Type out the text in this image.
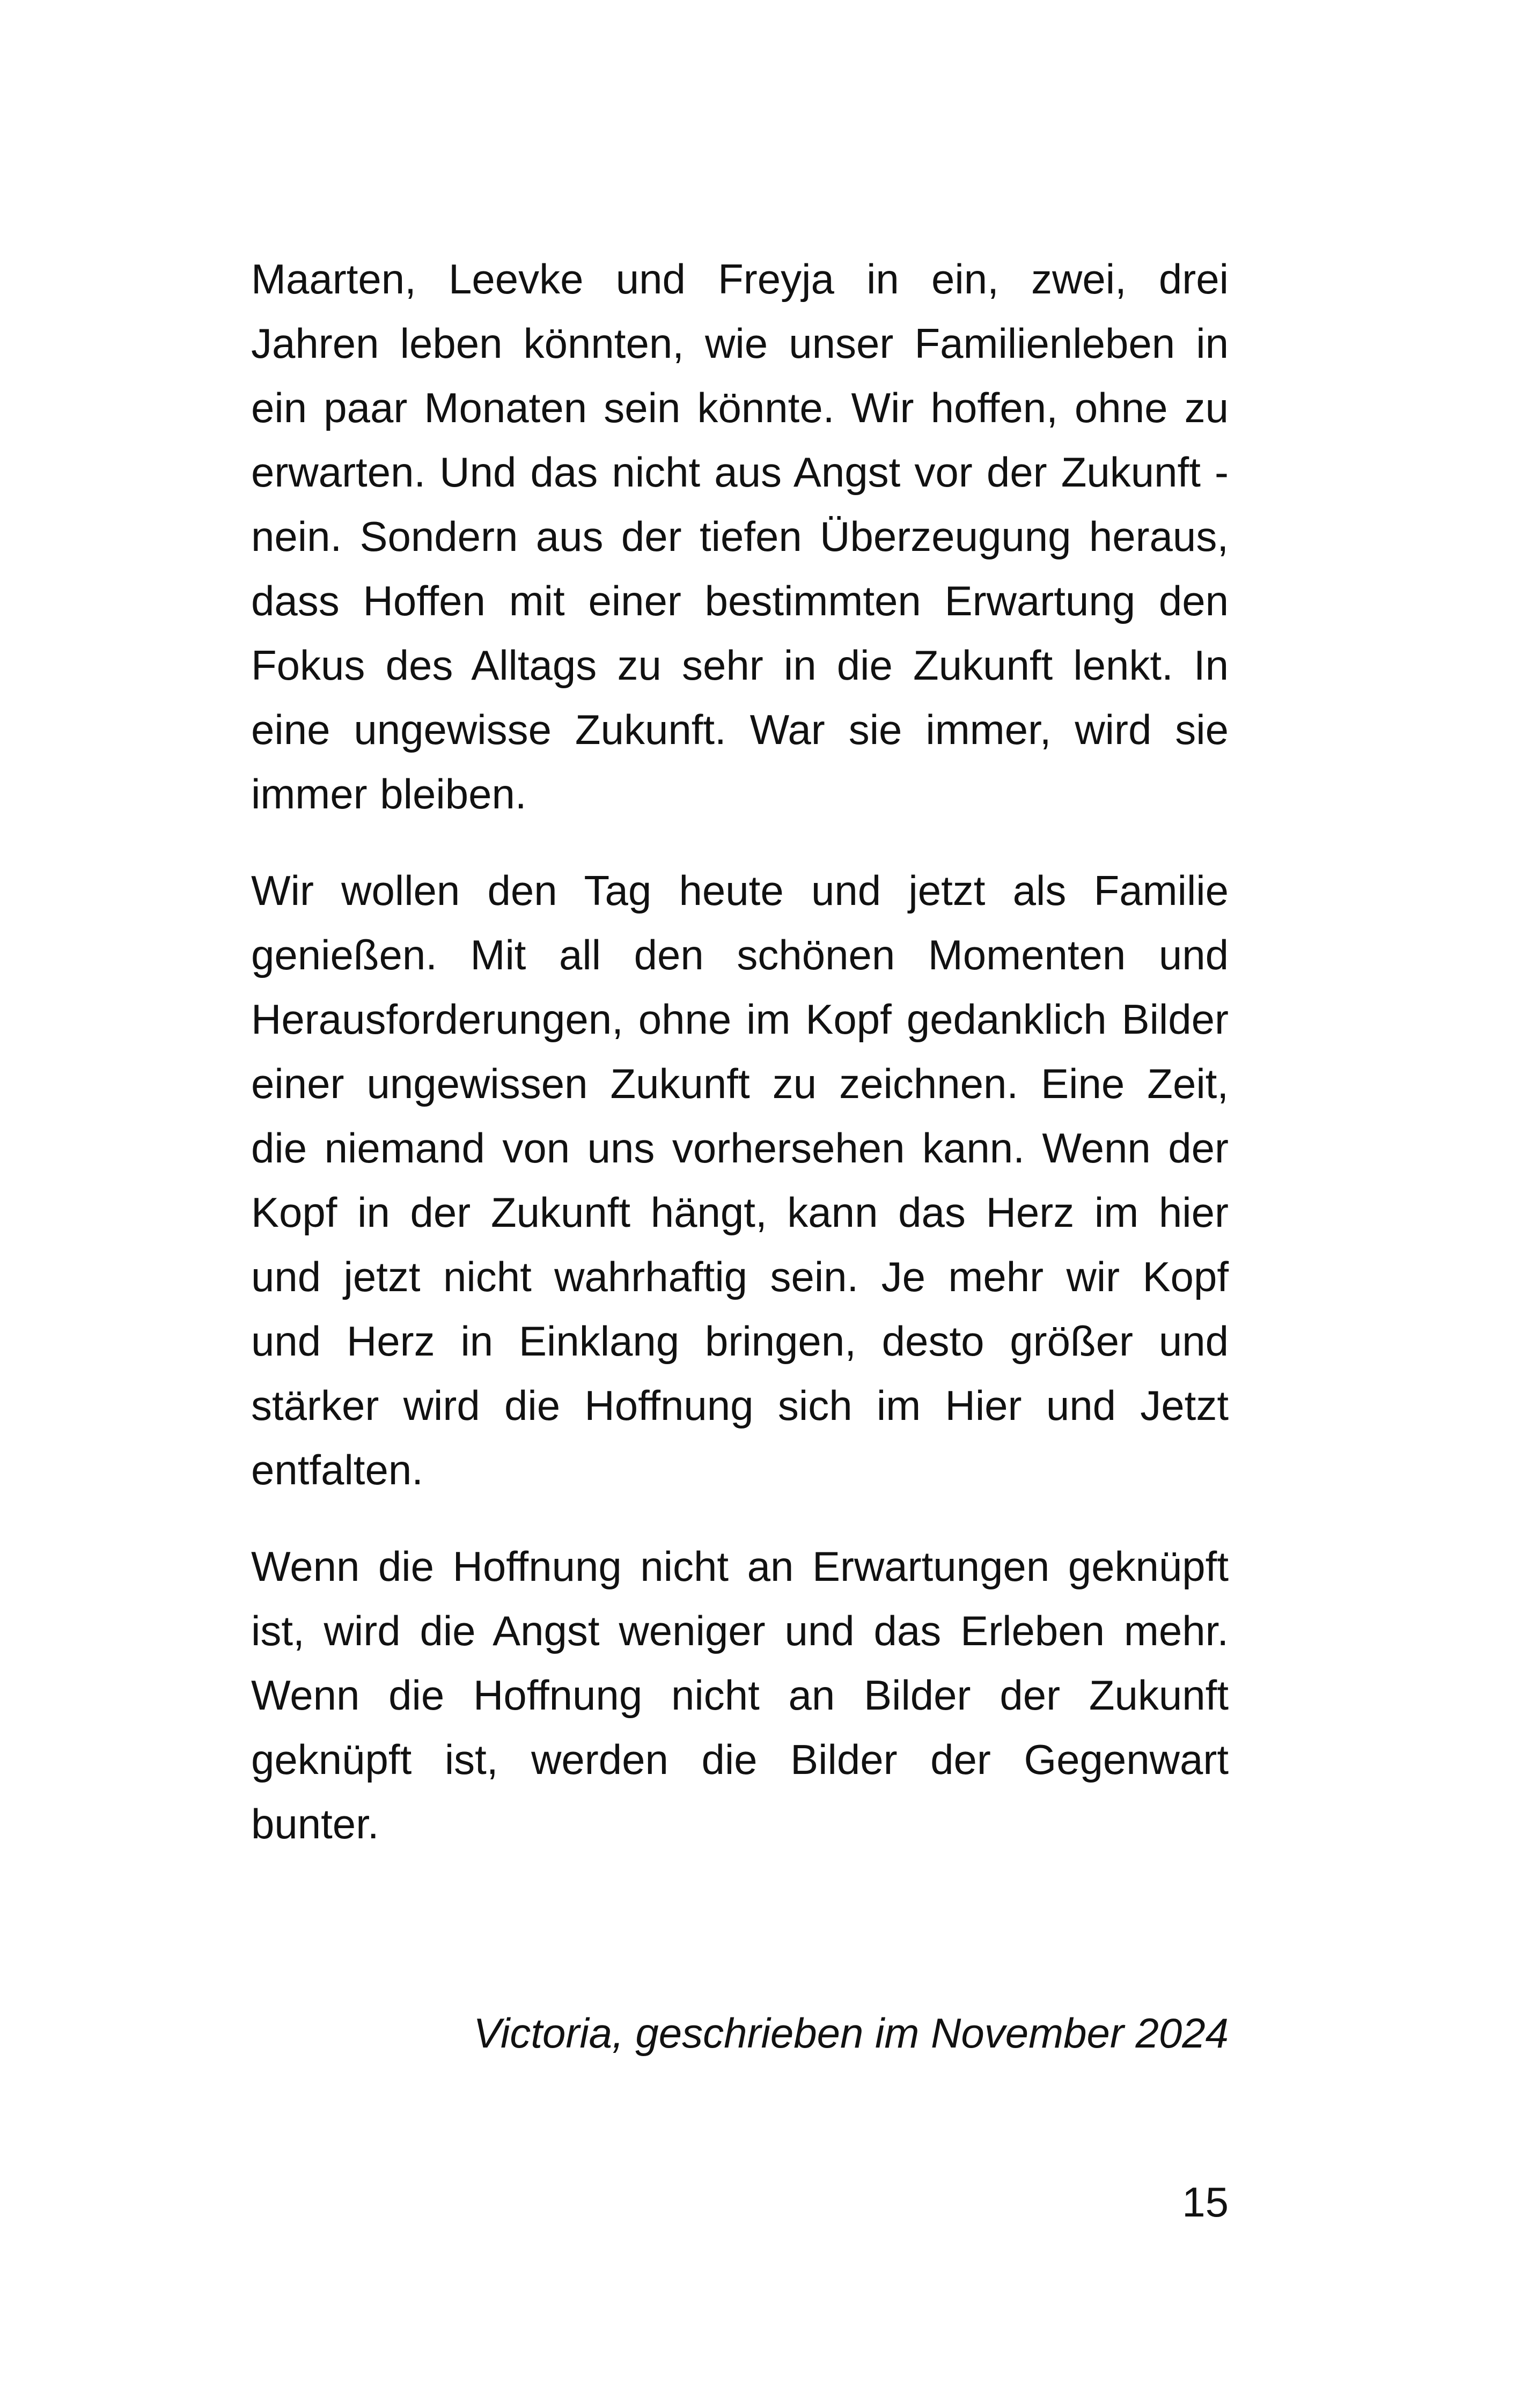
Maarten, Leevke und Freyja in ein, zwei, drei Jahren leben könnten, wie unser Familienleben in ein paar Monaten sein könnte. Wir hoffen, ohne zu erwarten. Und das nicht aus Angst vor der Zukunft - nein. Sondern aus der tiefen Überzeugung heraus, dass Hoffen mit einer bestimmten Erwartung den Fokus des Alltags zu sehr in die Zukunft lenkt. In eine ungewisse Zukunft. War sie immer, wird sie immer bleiben.

Wir wollen den Tag heute und jetzt als Familie genießen. Mit all den schönen Momenten und Herausforderungen, ohne im Kopf gedanklich Bilder einer ungewissen Zukunft zu zeichnen. Eine Zeit, die niemand von uns vorhersehen kann. Wenn der Kopf in der Zukunft hängt, kann das Herz im hier und jetzt nicht wahrhaftig sein. Je mehr wir Kopf und Herz in Einklang bringen, desto größer und stärker wird die Hoffnung sich im Hier und Jetzt entfalten.

Wenn die Hoffnung nicht an Erwartungen geknüpft ist, wird die Angst weniger und das Erleben mehr. Wenn die Hoffnung nicht an Bilder der Zukunft geknüpft ist, werden die Bilder der Gegenwart bunter.

Victoria, geschrieben im November 2024
15
